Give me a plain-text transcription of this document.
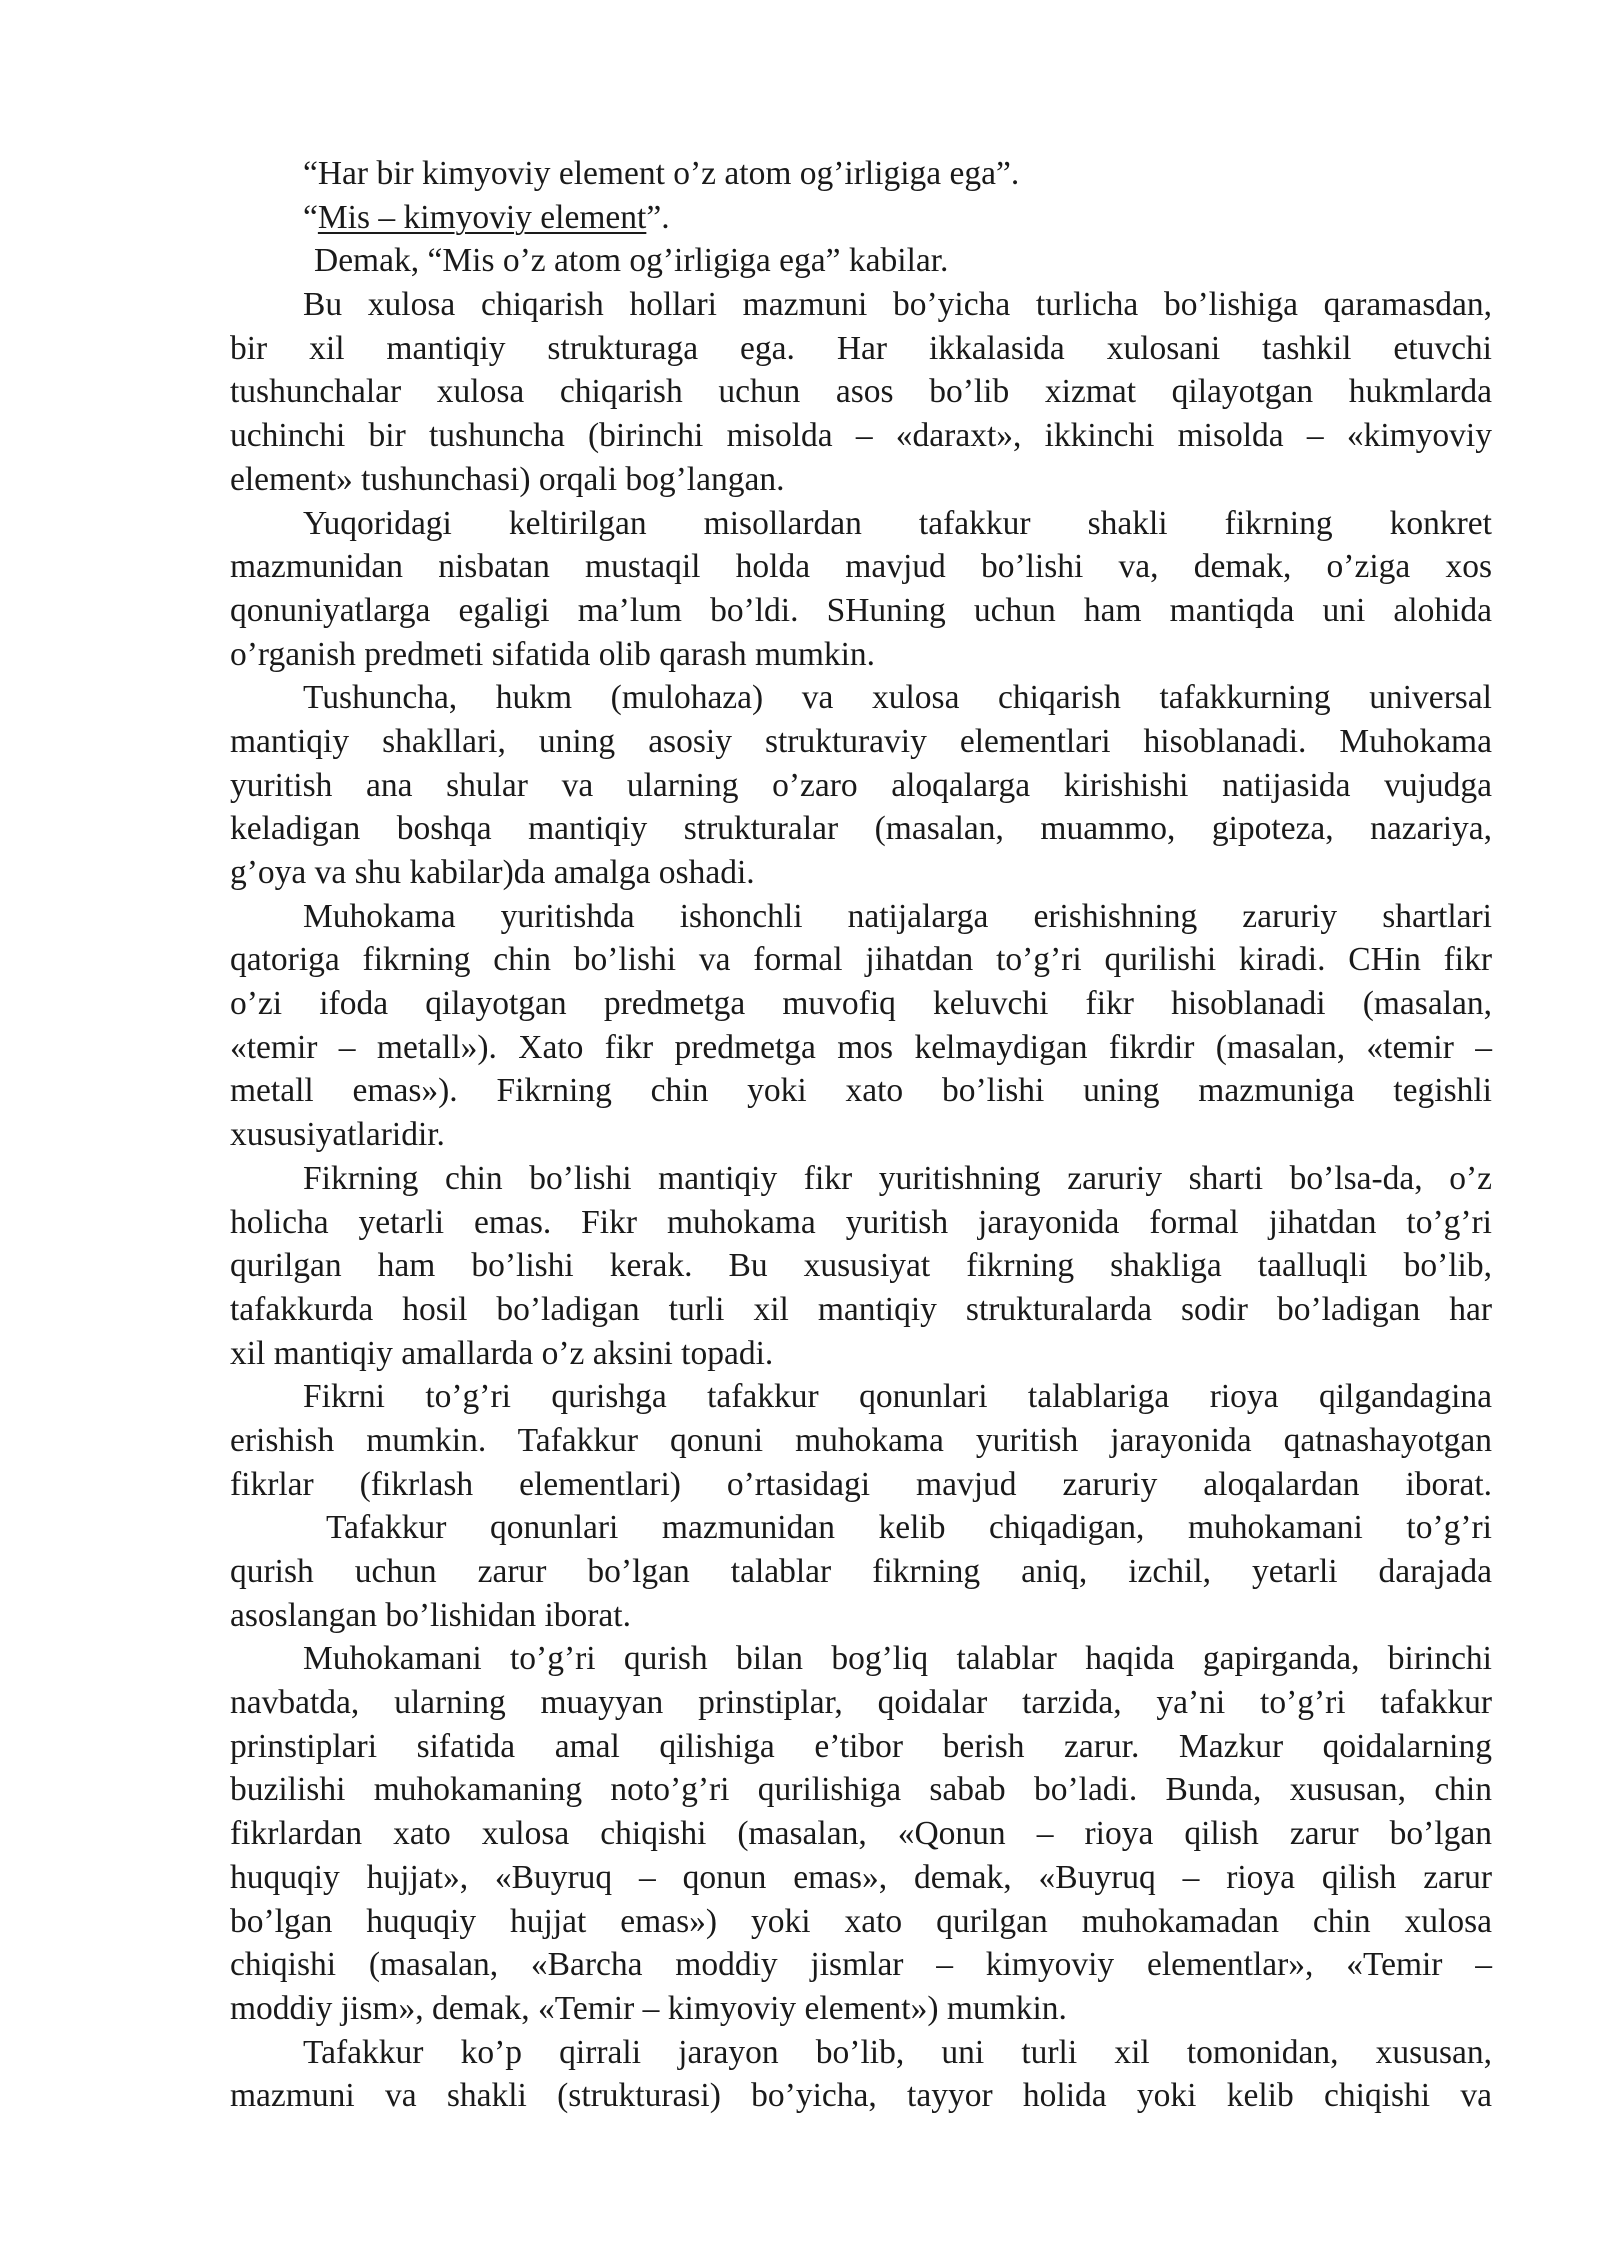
“Har bir kimyoviy element o’z atom og’irligiga ega”.
“Mis – kimyoviy element”.
Demak, “Mis o’z atom og’irligiga ega” kabilar.
Bu xulosa chiqarish hollari mazmuni bo’yicha turlicha bo’lishiga qaramasdan,
bir xil mantiqiy strukturaga ega. Har ikkalasida xulosani tashkil etuvchi
tushunchalar xulosa chiqarish uchun asos bo’lib xizmat qilayotgan hukmlarda
uchinchi bir tushuncha (birinchi misolda – «daraxt», ikkinchi misolda – «kimyoviy
element» tushunchasi) orqali bog’langan.
Yuqoridagi keltirilgan misollardan tafakkur shakli fikrning konkret
mazmunidan nisbatan mustaqil holda mavjud bo’lishi va, demak, o’ziga xos
qonuniyatlarga egaligi ma’lum bo’ldi. SHuning uchun ham mantiqda uni alohida
o’rganish predmeti sifatida olib qarash mumkin.
Tushuncha, hukm (mulohaza) va xulosa chiqarish tafakkurning universal
mantiqiy shakllari, uning asosiy strukturaviy elementlari hisoblanadi. Muhokama
yuritish ana shular va ularning o’zaro aloqalarga kirishishi natijasida vujudga
keladigan boshqa mantiqiy strukturalar (masalan, muammo, gipoteza, nazariya,
g’oya va shu kabilar)da amalga oshadi.
Muhokama yuritishda ishonchli natijalarga erishishning zaruriy shartlari
qatoriga fikrning chin bo’lishi va formal jihatdan to’g’ri qurilishi kiradi. CHin fikr
o’zi ifoda qilayotgan predmetga muvofiq keluvchi fikr hisoblanadi (masalan,
«temir – metall»). Xato fikr predmetga mos kelmaydigan fikrdir (masalan, «temir –
metall emas»). Fikrning chin yoki xato bo’lishi uning mazmuniga tegishli
xususiyatlaridir.
Fikrning chin bo’lishi mantiqiy fikr yuritishning zaruriy sharti bo’lsa-da, o’z
holicha yetarli emas. Fikr muhokama yuritish jarayonida formal jihatdan to’g’ri
qurilgan ham bo’lishi kerak. Bu xususiyat fikrning shakliga taalluqli bo’lib,
tafakkurda hosil bo’ladigan turli xil mantiqiy strukturalarda sodir bo’ladigan har
xil mantiqiy amallarda o’z aksini topadi.
Fikrni to’g’ri qurishga tafakkur qonunlari talablariga rioya qilgandagina
erishish mumkin. Tafakkur qonuni muhokama yuritish jarayonida qatnashayotgan
fikrlar (fikrlash elementlari) o’rtasidagi mavjud zaruriy aloqalardan iborat.
Tafakkur qonunlari mazmunidan kelib chiqadigan, muhokamani to’g’ri
qurish uchun zarur bo’lgan talablar fikrning aniq, izchil, yetarli darajada
asoslangan bo’lishidan iborat.
Muhokamani to’g’ri qurish bilan bog’liq talablar haqida gapirganda, birinchi
navbatda, ularning muayyan prinstiplar, qoidalar tarzida, ya’ni to’g’ri tafakkur
prinstiplari sifatida amal qilishiga e’tibor berish zarur. Mazkur qoidalarning
buzilishi muhokamaning noto’g’ri qurilishiga sabab bo’ladi. Bunda, xususan, chin
fikrlardan xato xulosa chiqishi (masalan, «Qonun – rioya qilish zarur bo’lgan
huquqiy hujjat», «Buyruq – qonun emas», demak, «Buyruq – rioya qilish zarur
bo’lgan huquqiy hujjat emas») yoki xato qurilgan muhokamadan chin xulosa
chiqishi (masalan, «Barcha moddiy jismlar – kimyoviy elementlar», «Temir –
moddiy jism», demak, «Temir – kimyoviy element») mumkin.
Tafakkur ko’p qirrali jarayon bo’lib, uni turli xil tomonidan, xususan,
mazmuni va shakli (strukturasi) bo’yicha, tayyor holida yoki kelib chiqishi va
